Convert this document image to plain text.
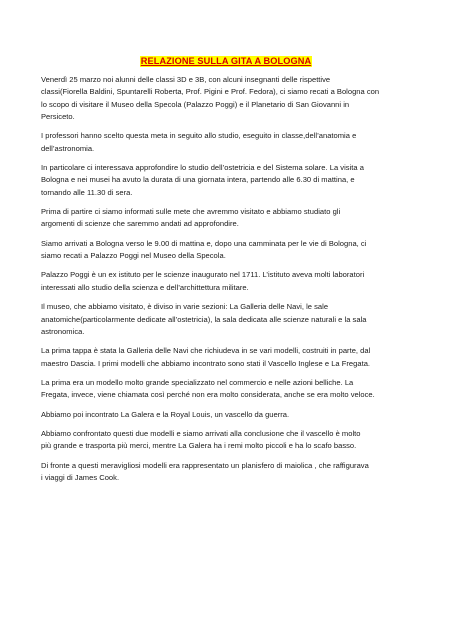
RELAZIONE SULLA GITA A BOLOGNA

Venerdì 25 marzo noi alunni delle classi 3D e 3B, con alcuni insegnanti delle rispettive
classi(Fiorella Baldini, Spuntarelli Roberta, Prof. Pigini e Prof. Fedora), ci siamo recati a Bologna con
lo scopo di visitare il Museo della Specola (Palazzo Poggi) e il Planetario di San Giovanni in
Persiceto.

I professori hanno scelto questa meta in seguito allo studio, eseguito in classe,dell’anatomia e
dell’astronomia.

In particolare ci interessava approfondire lo studio dell’ostetricia e del Sistema solare. La visita a
Bologna e nei musei ha avuto la durata di una giornata intera, partendo alle 6.30 di mattina, e
tornando alle 11.30 di sera.

Prima di partire ci siamo informati sulle mete che avremmo visitato e abbiamo studiato gli
argomenti di scienze che saremmo andati ad approfondire.

Siamo arrivati a Bologna verso le 9.00 di mattina e, dopo una camminata per le vie di Bologna, ci
siamo recati a Palazzo Poggi nel Museo della Specola.

Palazzo Poggi è un ex istituto per le scienze inaugurato nel 1711. L’istituto aveva molti laboratori
interessati allo studio della scienza e dell’archittettura militare.

Il museo, che abbiamo visitato, è diviso in varie sezioni: La Galleria delle Navi, le sale
anatomiche(particolarmente dedicate all’ostetricia), la sala dedicata alle scienze naturali e la sala
astronomica.

La prima tappa è stata la Galleria delle Navi che richiudeva in se vari modelli, costruiti in parte, dal
maestro Dascia. I primi modelli che abbiamo incontrato sono stati il Vascello Inglese e La Fregata.

La prima era un modello molto grande specializzato nel commercio e nelle azioni belliche. La
Fregata, invece, viene chiamata così perché non era molto considerata, anche se era molto veloce.

Abbiamo poi incontrato La Galera e la Royal Louis, un vascello da guerra.

Abbiamo confrontato questi due modelli e siamo arrivati alla conclusione che il vascello è molto
più grande e trasporta più merci, mentre La Galera ha i remi molto piccoli e ha lo scafo basso.

Di fronte a questi meravigliosi modelli era rappresentato un planisfero di maiolica , che raffigurava
i viaggi di James Cook.
